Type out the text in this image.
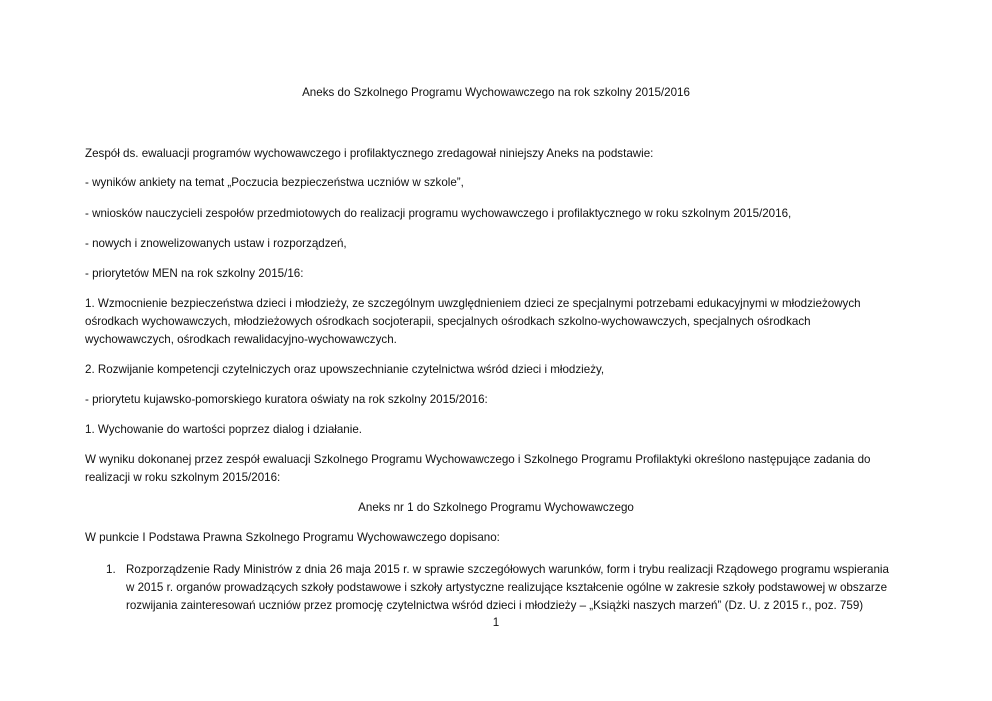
Aneks do Szkolnego Programu Wychowawczego na rok szkolny 2015/2016
Zespół ds. ewaluacji programów wychowawczego i profilaktycznego zredagował niniejszy Aneks na podstawie:
- wyników ankiety na temat „Poczucia bezpieczeństwa uczniów w szkole”,
- wniosków nauczycieli zespołów przedmiotowych do realizacji programu wychowawczego i profilaktycznego w roku szkolnym 2015/2016,
- nowych i znowelizowanych ustaw i rozporządzeń,
- priorytetów MEN na rok szkolny 2015/16:
1. Wzmocnienie bezpieczeństwa dzieci i młodzieży, ze szczególnym uwzględnieniem dzieci ze specjalnymi potrzebami edukacyjnymi w młodzieżowych
ośrodkach wychowawczych, młodzieżowych ośrodkach socjoterapii, specjalnych ośrodkach szkolno-wychowawczych, specjalnych ośrodkach
wychowawczych, ośrodkach rewalidacyjno-wychowawczych.
2. Rozwijanie kompetencji czytelniczych oraz upowszechnianie czytelnictwa wśród dzieci i młodzieży,
- priorytetu kujawsko-pomorskiego kuratora oświaty na rok szkolny 2015/2016:
1. Wychowanie do wartości poprzez dialog i działanie.
W wyniku dokonanej przez zespół ewaluacji Szkolnego Programu Wychowawczego i Szkolnego Programu Profilaktyki określono następujące zadania do
realizacji w roku szkolnym 2015/2016:
Aneks nr 1 do Szkolnego Programu Wychowawczego
W punkcie I Podstawa Prawna Szkolnego Programu Wychowawczego dopisano:
1. Rozporządzenie Rady Ministrów z dnia 26 maja 2015 r. w sprawie szczegółowych warunków, form i trybu realizacji Rządowego programu wspierania
w 2015 r. organów prowadzących szkoły podstawowe i szkoły artystyczne realizujące kształcenie ogólne w zakresie szkoły podstawowej w obszarze
rozwijania zainteresowań uczniów przez promocję czytelnictwa wśród dzieci i młodzieży – „Książki naszych marzeń” (Dz. U. z 2015 r., poz. 759)
1
